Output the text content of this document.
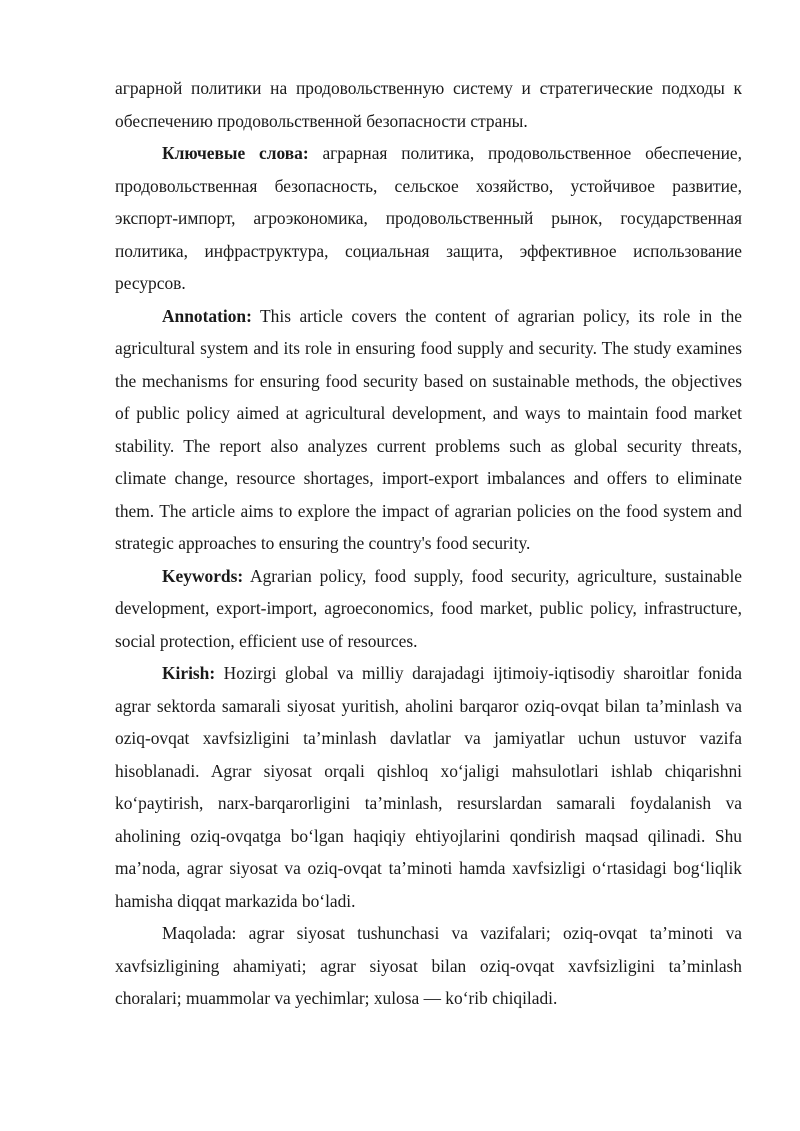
аграрной политики на продовольственную систему и стратегические подходы к обеспечению продовольственной безопасности страны.

Ключевые слова: аграрная политика, продовольственное обеспечение, продовольственная безопасность, сельское хозяйство, устойчивое развитие, экспорт-импорт, агроэкономика, продовольственный рынок, государственная политика, инфраструктура, социальная защита, эффективное использование ресурсов.

Annotation: This article covers the content of agrarian policy, its role in the agricultural system and its role in ensuring food supply and security. The study examines the mechanisms for ensuring food security based on sustainable methods, the objectives of public policy aimed at agricultural development, and ways to maintain food market stability. The report also analyzes current problems such as global security threats, climate change, resource shortages, import-export imbalances and offers to eliminate them. The article aims to explore the impact of agrarian policies on the food system and strategic approaches to ensuring the country's food security.

Keywords: Agrarian policy, food supply, food security, agriculture, sustainable development, export-import, agroeconomics, food market, public policy, infrastructure, social protection, efficient use of resources.

Kirish: Hozirgi global va milliy darajadagi ijtimoiy-iqtisodiy sharoitlar fonida agrar sektorda samarali siyosat yuritish, aholini barqaror oziq-ovqat bilan taʼminlash va oziq-ovqat xavfsizligini taʼminlash davlatlar va jamiyatlar uchun ustuvor vazifa hisoblanadi. Agrar siyosat orqali qishloq xoʻjaligi mahsulotlari ishlab chiqarishni koʻpaytirish, narx-barqarorligini taʼminlash, resurslardan samarali foydalanish va aholining oziq-ovqatga boʻlgan haqiqiy ehtiyojlarini qondirish maqsad qilinadi. Shu maʼnoda, agrar siyosat va oziq-ovqat taʼminoti hamda xavfsizligi oʻrtasidagi bogʻliqlik hamisha diqqat markazida boʻladi.

Maqolada: agrar siyosat tushunchasi va vazifalari; oziq-ovqat taʼminoti va xavfsizligining ahamiyati; agrar siyosat bilan oziq-ovqat xavfsizligini taʼminlash choralari; muammolar va yechimlar; xulosa — koʻrib chiqiladi.
